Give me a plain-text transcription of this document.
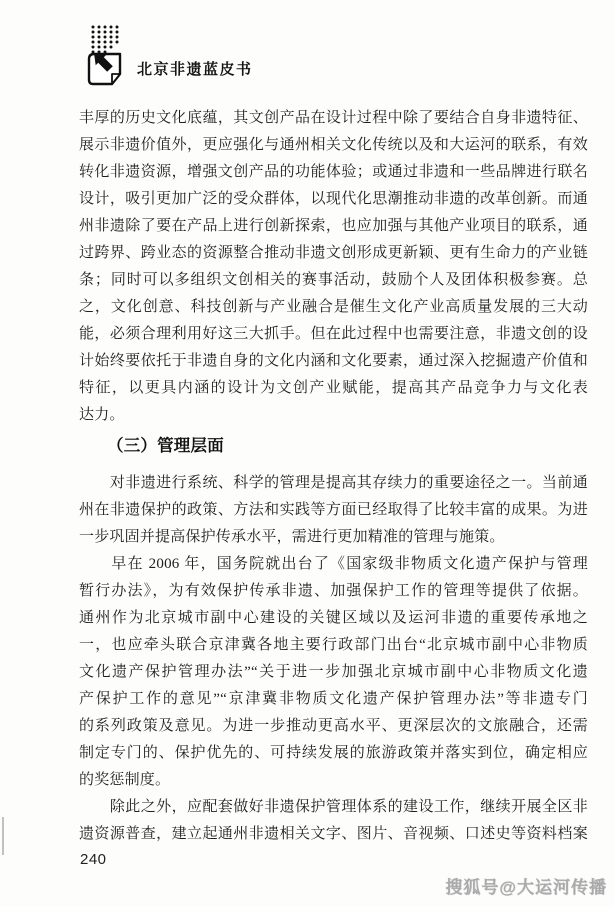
北京非遗蓝皮书
丰厚的历史文化底蕴，其文创产品在设计过程中除了要结合自身非遗特征、
展示非遗价值外，更应强化与通州相关文化传统以及和大运河的联系，有效
转化非遗资源，增强文创产品的功能体验；或通过非遗和一些品牌进行联名
设计，吸引更加广泛的受众群体，以现代化思潮推动非遗的改革创新。而通
州非遗除了要在产品上进行创新探索，也应加强与其他产业项目的联系，通
过跨界、跨业态的资源整合推动非遗文创形成更新颖、更有生命力的产业链
条；同时可以多组织文创相关的赛事活动，鼓励个人及团体积极参赛。总
之，文化创意、科技创新与产业融合是催生文化产业高质量发展的三大动
能，必须合理利用好这三大抓手。但在此过程中也需要注意，非遗文创的设
计始终要依托于非遗自身的文化内涵和文化要素，通过深入挖掘遗产价值和
特征，以更具内涵的设计为文创产业赋能，提高其产品竞争力与文化表
达力。
（三）管理层面
　　对非遗进行系统、科学的管理是提高其存续力的重要途径之一。当前通
州在非遗保护的政策、方法和实践等方面已经取得了比较丰富的成果。为进
一步巩固并提高保护传承水平，需进行更加精准的管理与施策。
　　早在 2006 年，国务院就出台了《国家级非物质文化遗产保护与管理
暂行办法》，为有效保护传承非遗、加强保护工作的管理等提供了依据。
通州作为北京城市副中心建设的关键区域以及运河非遗的重要传承地之
一，也应牵头联合京津冀各地主要行政部门出台“北京城市副中心非物质
文化遗产保护管理办法”“关于进一步加强北京城市副中心非物质文化遗
产保护工作的意见”“京津冀非物质文化遗产保护管理办法”等非遗专门
的系列政策及意见。为进一步推动更高水平、更深层次的文旅融合，还需
制定专门的、保护优先的、可持续发展的旅游政策并落实到位，确定相应
的奖惩制度。
　　除此之外，应配套做好非遗保护管理体系的建设工作，继续开展全区非
遗资源普查，建立起通州非遗相关文字、图片、音视频、口述史等资料档案
240
搜狐号@大运河传播
